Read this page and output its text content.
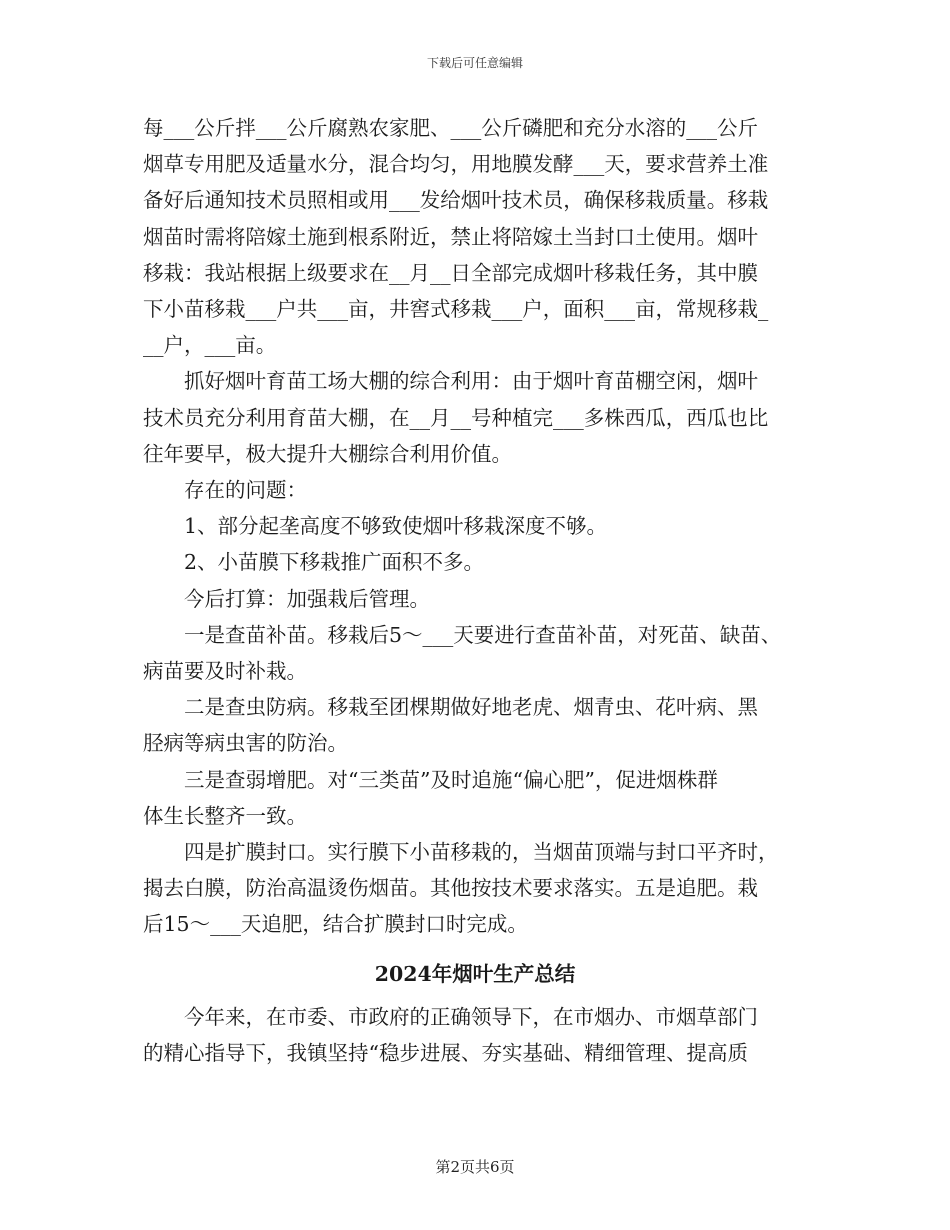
下载后可任意编辑

每___公斤拌___公斤腐熟农家肥、___公斤磷肥和充分水溶的___公斤
烟草专用肥及适量水分，混合均匀，用地膜发酵___天，要求营养土准
备好后通知技术员照相或用___发给烟叶技术员，确保移栽质量。移栽
烟苗时需将陪嫁土施到根系附近，禁止将陪嫁土当封口土使用。烟叶
移栽：我站根据上级要求在__月__日全部完成烟叶移栽任务，其中膜
下小苗移栽___户共___亩，井窖式移栽___户，面积___亩，常规移栽_
__户，___亩。

抓好烟叶育苗工场大棚的综合利用：由于烟叶育苗棚空闲，烟叶
技术员充分利用育苗大棚，在__月__号种植完___多株西瓜，西瓜也比
往年要早，极大提升大棚综合利用价值。

存在的问题：

1、部分起垄高度不够致使烟叶移栽深度不够。

2、小苗膜下移栽推广面积不多。

今后打算：加强栽后管理。

一是查苗补苗。移栽后5～___天要进行查苗补苗，对死苗、缺苗、
病苗要及时补栽。

二是查虫防病。移栽至团棵期做好地老虎、烟青虫、花叶病、黑
胫病等病虫害的防治。

三是查弱增肥。对“三类苗”及时追施“偏心肥”，促进烟株群
体生长整齐一致。

四是扩膜封口。实行膜下小苗移栽的，当烟苗顶端与封口平齐时，
揭去白膜，防治高温烫伤烟苗。其他按技术要求落实。五是追肥。栽
后15～___天追肥，结合扩膜封口时完成。

2024年烟叶生产总结

今年来，在市委、市政府的正确领导下，在市烟办、市烟草部门
的精心指导下，我镇坚持“稳步进展、夯实基础、精细管理、提高质

第2页共6页
